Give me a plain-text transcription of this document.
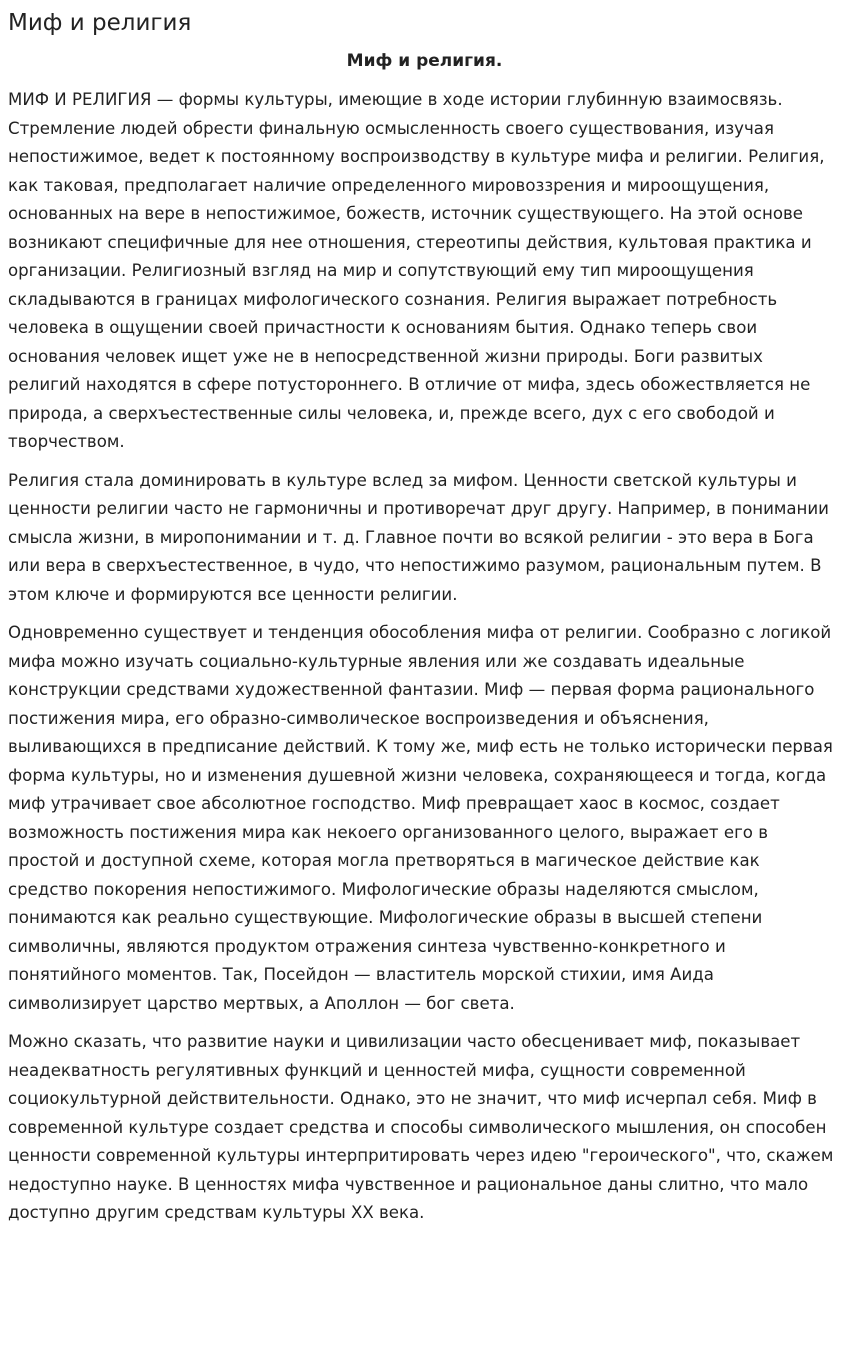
Миф и религия
Миф и религия.

МИФ И РЕЛИГИЯ — формы культуры, имеющие в ходе истории глубинную взаимосвязь. Стремление людей обрести финальную осмысленность своего существования, изучая непостижимое, ведет к постоянному воспроизводству в культуре мифа и религии. Религия, как таковая, предполагает наличие определенного мировоззрения и мироощущения, основанных на вере в непостижимое, божеств, источник существующего. На этой основе возникают специфичные для нее отношения, стереотипы действия, культовая практика и организации. Религиозный взгляд на мир и сопутствующий ему тип мироощущения складываются в границах мифологического сознания. Религия выражает потребность человека в ощущении своей причастности к основаниям бытия. Однако теперь свои основания человек ищет уже не в непосредственной жизни природы. Боги развитых религий находятся в сфере потустороннего. В отличие от мифа, здесь обожествляется не природа, а сверхъестественные силы человека, и, прежде всего, дух с его свободой и творчеством.

Религия стала доминировать в культуре вслед за мифом. Ценности светской культуры и ценности религии часто не гармоничны и противоречат друг другу. Например, в понимании смысла жизни, в миропонимании и т. д. Главное почти во всякой религии - это вера в Бога или вера в сверхъестественное, в чудо, что непостижимо разумом, рациональным путем. В этом ключе и формируются все ценности религии.

Одновременно существует и тенденция обособления мифа от религии. Сообразно с логикой мифа можно изучать социально-культурные явления или же создавать идеальные конструкции средствами художественной фантазии. Миф — первая форма рационального постижения мира, его образно-символическое воспроизведения и объяснения, выливающихся в предписание действий. К тому же, миф есть не только исторически первая форма культуры, но и изменения душевной жизни человека, сохраняющееся и тогда, когда миф утрачивает свое абсолютное господство. Миф превращает хаос в космос, создает возможность постижения мира как некоего организованного целого, выражает его в простой и доступной схеме, которая могла претворяться в магическое действие как средство покорения непостижимого. Мифологические образы наделяются смыслом, понимаются как реально существующие. Мифологические образы в высшей степени символичны, являются продуктом отражения синтеза чувственно-конкретного и понятийного моментов. Так, Посейдон — властитель морской стихии, имя Аида символизирует царство мертвых, а Аполлон — бог света.

Можно сказать, что развитие науки и цивилизации часто обесценивает миф, показывает неадекватность регулятивных функций и ценностей мифа, сущности современной социокультурной действительности. Однако, это не значит, что миф исчерпал себя. Миф в современной культуре создает средства и способы символического мышления, он способен ценности современной культуры интерпритировать через идею "героического", что, скажем недоступно науке. В ценностях мифа чувственное и рациональное даны слитно, что мало доступно другим средствам культуры XX века.
